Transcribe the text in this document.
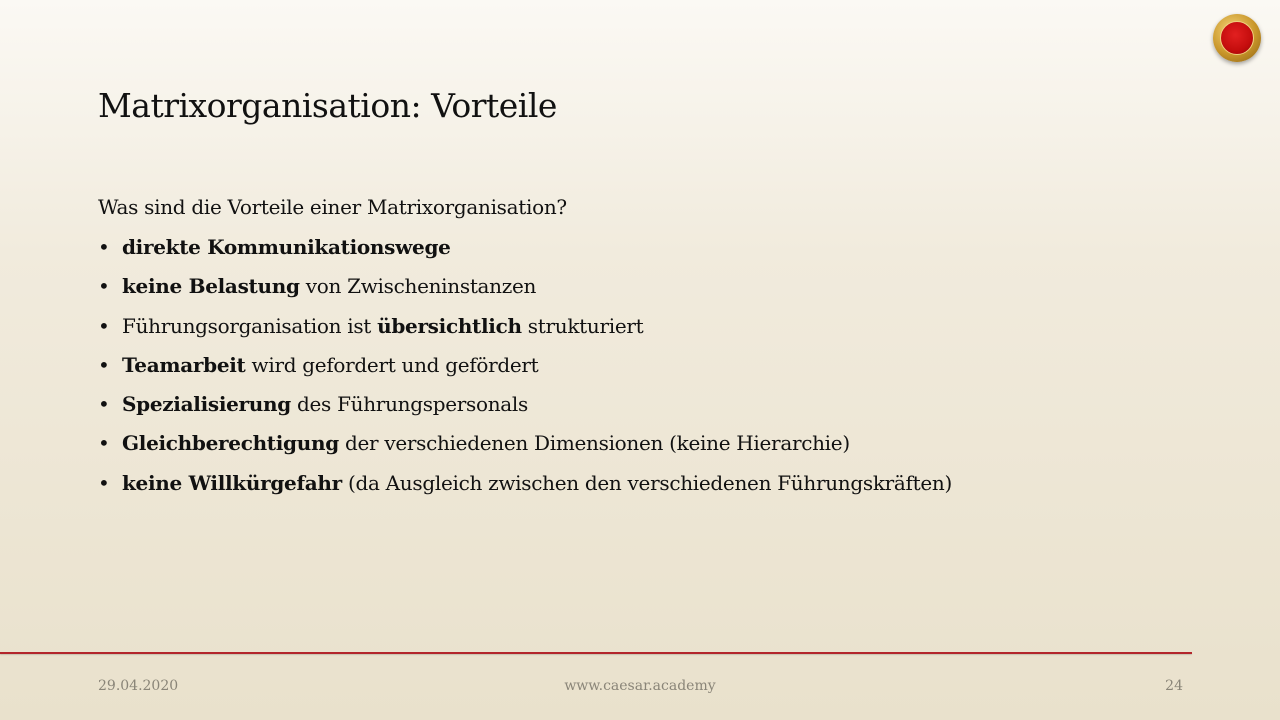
Matrixorganisation: Vorteile
Was sind die Vorteile einer Matrixorganisation?
• direkte Kommunikationswege
• keine Belastung von Zwischeninstanzen
• Führungsorganisation ist übersichtlich strukturiert
• Teamarbeit wird gefordert und gefördert
• Spezialisierung des Führungspersonals
• Gleichberechtigung der verschiedenen Dimensionen (keine Hierarchie)
• keine Willkürgefahr (da Ausgleich zwischen den verschiedenen Führungskräften)
29.04.2020	www.caesar.academy	24
